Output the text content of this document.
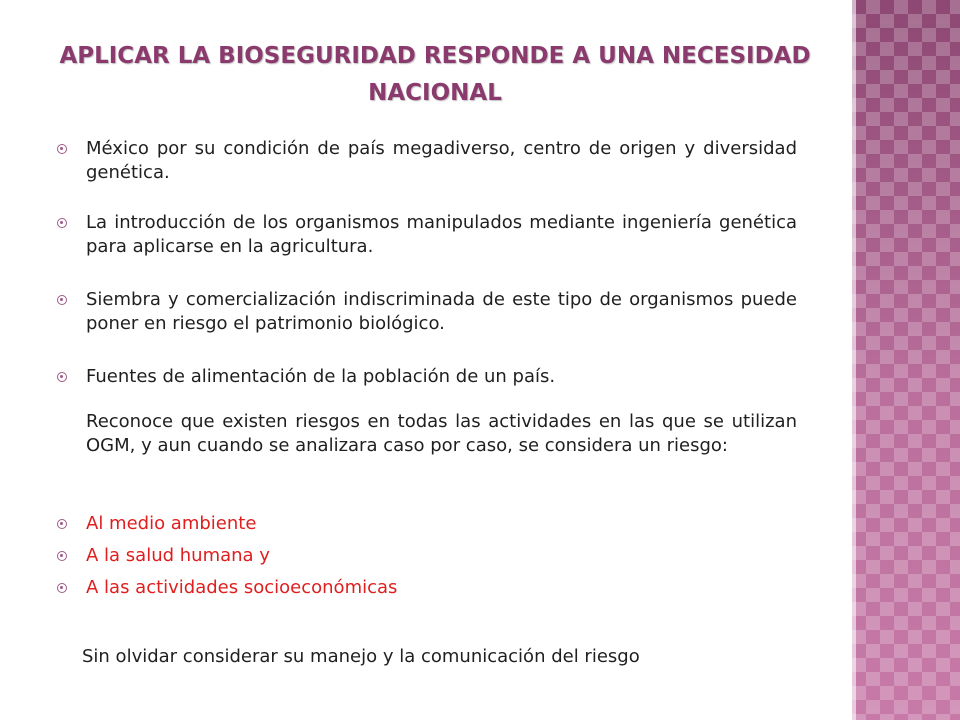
APLICAR LA BIOSEGURIDAD RESPONDE A UNA NECESIDAD NACIONAL
México por su condición de país megadiverso, centro de origen y diversidad genética.
La introducción de los organismos manipulados mediante ingeniería genética para aplicarse en la agricultura.
Siembra y comercialización indiscriminada de este tipo de organismos puede poner en riesgo el patrimonio biológico.
Fuentes de alimentación de la población de un país.
Reconoce que existen riesgos en todas las actividades en las que se utilizan OGM, y aun cuando se analizara caso por caso, se considera un riesgo:
Al medio ambiente
A la salud humana y
A las actividades socioeconómicas
Sin olvidar considerar su manejo y la comunicación del riesgo
